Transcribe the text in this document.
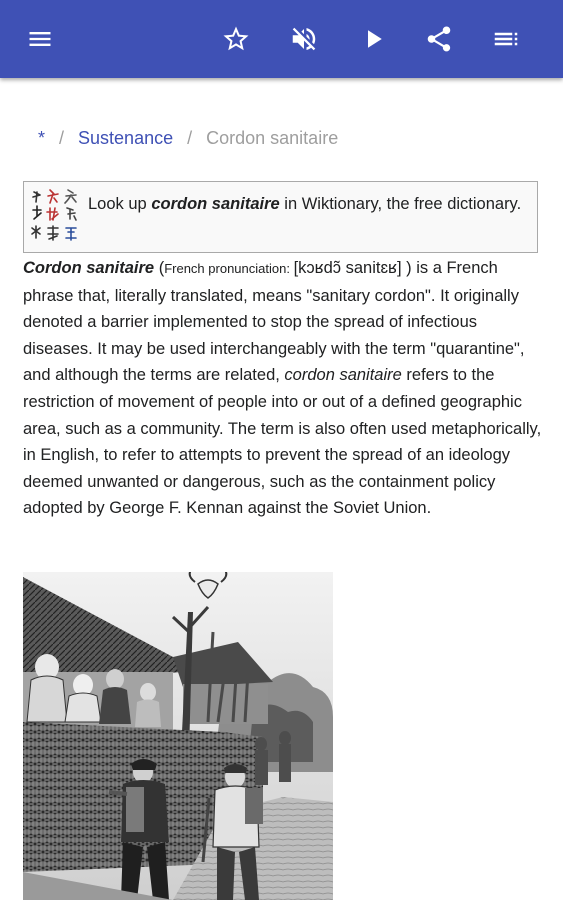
* / Sustenance / Cordon sanitaire
Look up cordon sanitaire in Wiktionary, the free dictionary.
Cordon sanitaire (French pronunciation: [kɔʁdɔ̃ sanitɛʁ] ) is a French phrase that, literally translated, means "sanitary cordon". It originally denoted a barrier implemented to stop the spread of infectious diseases. It may be used interchangeably with the term "quarantine", and although the terms are related, cordon sanitaire refers to the restriction of movement of people into or out of a defined geographic area, such as a community. The term is also often used metaphorically, in English, to refer to attempts to prevent the spread of an ideology deemed unwanted or dangerous, such as the containment policy adopted by George F. Kennan against the Soviet Union.
